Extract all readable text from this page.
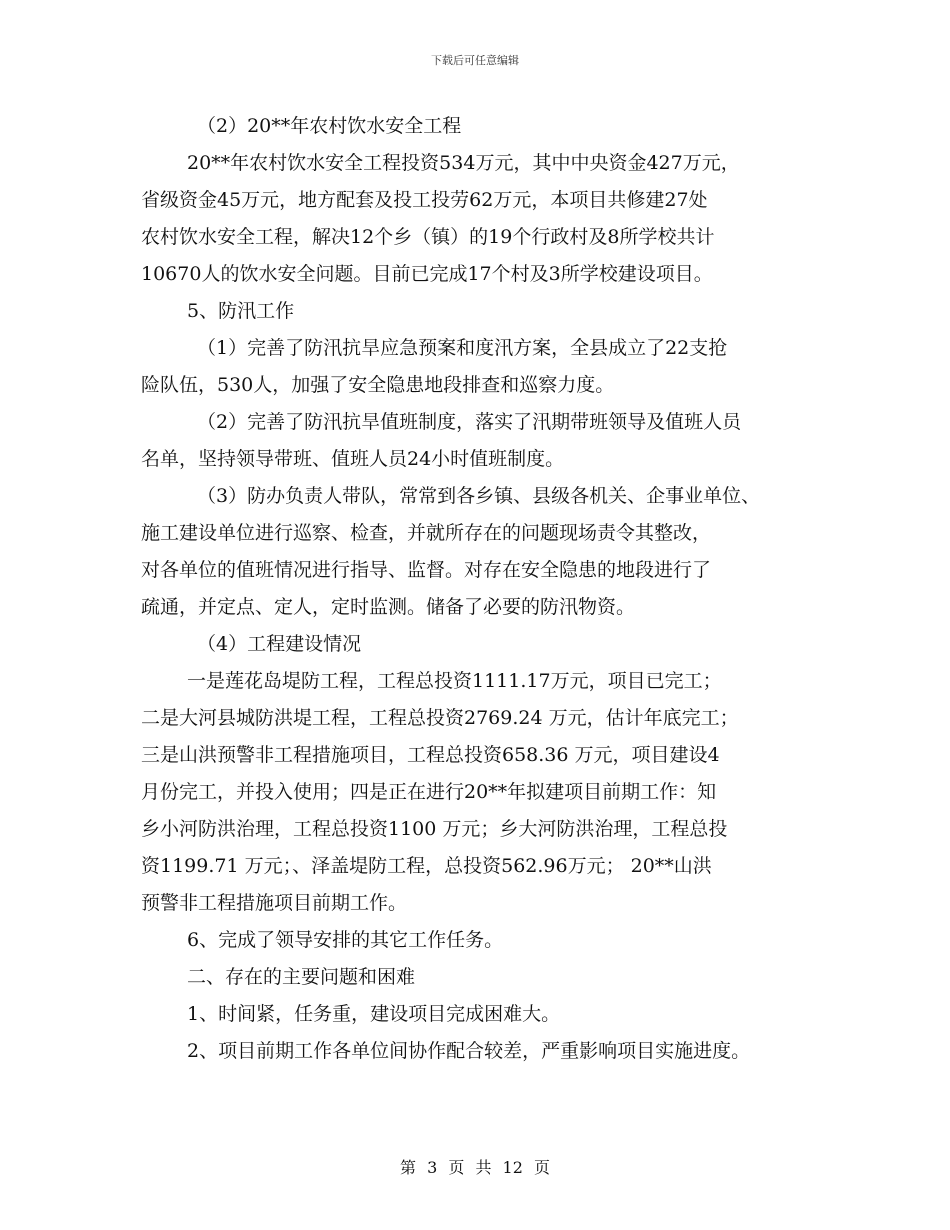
下载后可任意编辑
（2）20**年农村饮水安全工程
20**年农村饮水安全工程投资534万元，其中中央资金427万元，
省级资金45万元，地方配套及投工投劳62万元，本项目共修建27处
农村饮水安全工程，解决12个乡（镇）的19个行政村及8所学校共计
10670人的饮水安全问题。目前已完成17个村及3所学校建设项目。
5、防汛工作
（1）完善了防汛抗旱应急预案和度汛方案，全县成立了22支抢
险队伍，530人，加强了安全隐患地段排查和巡察力度。
（2）完善了防汛抗旱值班制度，落实了汛期带班领导及值班人员
名单，坚持领导带班、值班人员24小时值班制度。
（3）防办负责人带队，常常到各乡镇、县级各机关、企事业单位、
施工建设单位进行巡察、检查，并就所存在的问题现场责令其整改，
对各单位的值班情况进行指导、监督。对存在安全隐患的地段进行了
疏通，并定点、定人，定时监测。储备了必要的防汛物资。
（4）工程建设情况
一是莲花岛堤防工程，工程总投资1111.17万元，项目已完工；
二是大河县城防洪堤工程，工程总投资2769.24 万元，估计年底完工；
三是山洪预警非工程措施项目，工程总投资658.36 万元，项目建设4
月份完工，并投入使用；四是正在进行20**年拟建项目前期工作：知
乡小河防洪治理，工程总投资1100 万元；乡大河防洪治理，工程总投
资1199.71 万元；、泽盖堤防工程，总投资562.96万元； 20**山洪
预警非工程措施项目前期工作。
6、完成了领导安排的其它工作任务。
二、存在的主要问题和困难
1、时间紧，任务重，建设项目完成困难大。
2、项目前期工作各单位间协作配合较差，严重影响项目实施进度。
第 3 页 共 12 页
